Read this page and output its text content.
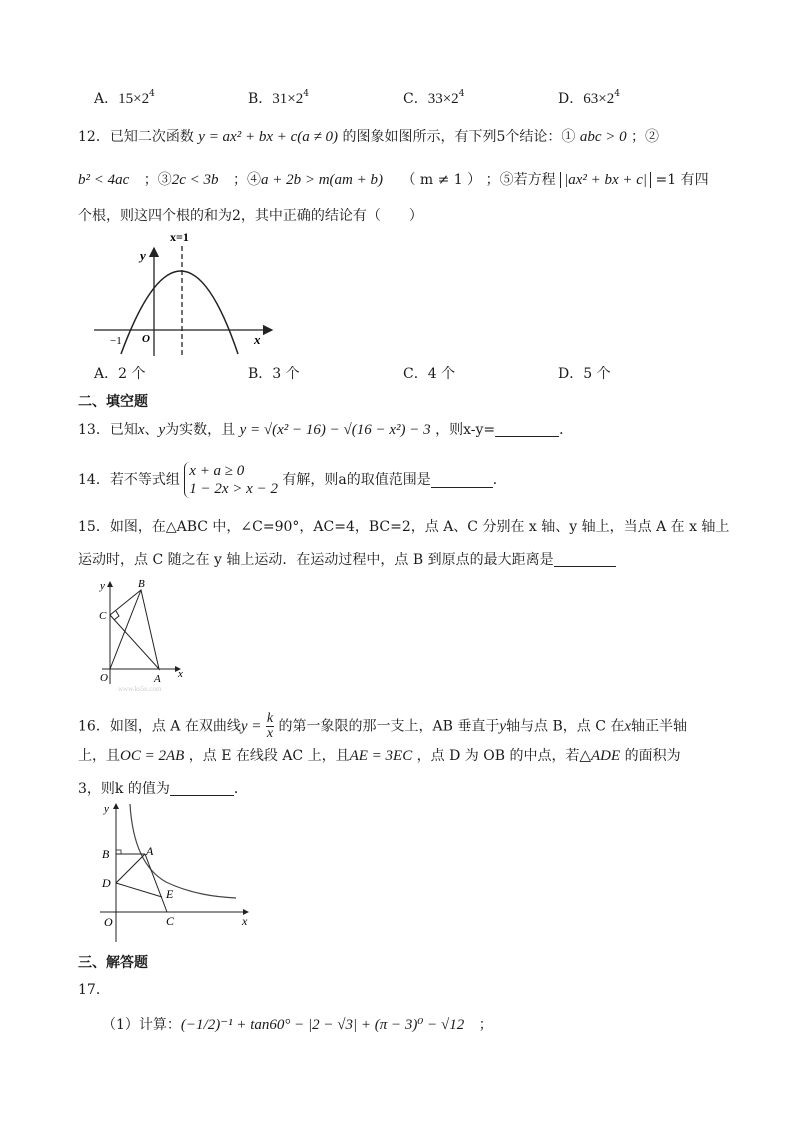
A．$15\times 2^4$	B．$31\times 2^4$	C．$33\times 2^4$	D．$63\times 2^4$
12．已知二次函数 y = ax² + bx + c(a ≠ 0) 的图象如图所示，有下列5个结论：① abc > 0 ；②
b² < 4ac ；③2c < 3b ；④a + 2b > m(am + b) （ m ≠ 1 ） ；⑤若方程 |ax² + bx + c| =1 有四
个根，则这四个根的和为2，其中正确的结论有（　　）
x=1
y
x
O
−1
A．2 个	B．3 个	C．4 个	D．5 个
二、填空题
13．已知x、y为实数，且 y = √(x² − 16) − √(16 − x²) − 3 ，则x-y=	．
14．若不等式组
x + a ≥ 0
1 − 2x > x − 2
有解，则a的取值范围是	．
15．如图，在△ABC 中，∠C=90°，AC=4，BC=2，点 A、C 分别在 x 轴、y 轴上，当点 A 在 x 轴上
运动时，点 C 随之在 y 轴上运动．在运动过程中，点 B 到原点的最大距离是
y	B
C
O	A x
www.ks5u.com
16．如图，点 A 在双曲线$y = \frac{k}{x}$ 的第一象限的那一支上，AB 垂直于y轴与点 B，点 C 在x轴正半轴
上，且OC = 2AB ，点 E 在线段 AC 上，且AE = 3EC ，点 D 为 OB 的中点，若△ADE 的面积为
3，则k 的值为	．
y
B	A
D
E
O	C	x
三、解答题
17．
（1）计算：(−1/2)⁻¹ + tan60° − |2 − √3| + (π − 3)⁰ − √12 ；
